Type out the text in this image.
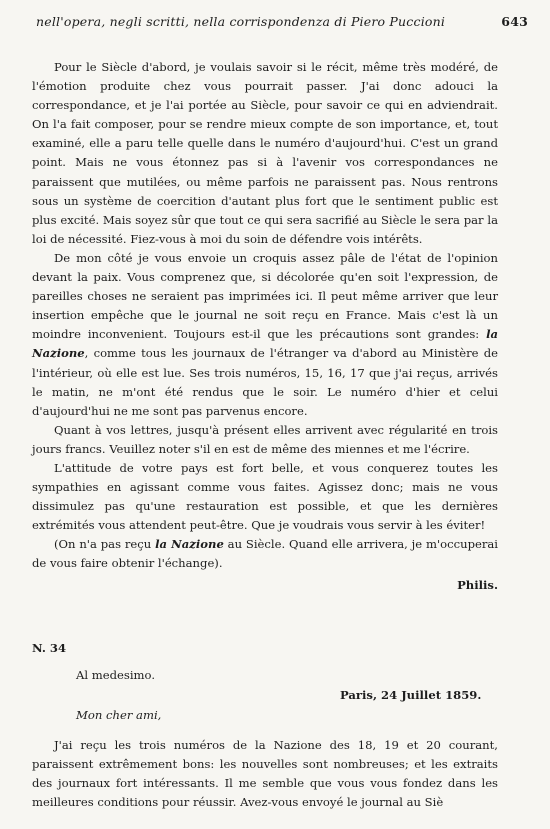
nell'opera, negli scritti, nella corrispondenza di Piero Puccioni	643

Pour le Siècle d'abord, je voulais savoir si le récit, même très modéré, de l'émotion produite chez vous pourrait passer. J'ai donc adouci la correspondance, et je l'ai portée au Siècle, pour savoir ce qui en adviendrait. On l'a fait composer, pour se rendre mieux compte de son importance, et, tout examiné, elle a paru telle quelle dans le numéro d'aujourd'hui. C'est un grand point. Mais ne vous étonnez pas si à l'avenir vos correspondances ne paraissent que mutilées, ou même parfois ne paraissent pas. Nous rentrons sous un système de coercition d'autant plus fort que le sentiment public est plus excité. Mais soyez sûr que tout ce qui sera sacrifié au Siècle le sera par la loi de nécessité. Fiez-vous à moi du soin de défendre vois intérêts.

De mon côté je vous envoie un croquis assez pâle de l'état de l'opinion devant la paix. Vous comprenez que, si décolorée qu'en soit l'expression, de pareilles choses ne seraient pas imprimées ici. Il peut même arriver que leur insertion empêche que le journal ne soit reçu en France. Mais c'est là un moindre inconvenient. Toujours est-il que les précautions sont grandes: la Nazione, comme tous les journaux de l'étranger va d'abord au Ministère de l'intérieur, où elle est lue. Ses trois numéros, 15, 16, 17 que j'ai reçus, arrivés le matin, ne m'ont été rendus que le soir. Le numéro d'hier et celui d'aujourd'hui ne me sont pas parvenus encore.

Quant à vos lettres, jusqu'à présent elles arrivent avec régularité en trois jours francs. Veuillez noter s'il en est de même des miennes et me l'écrire.

L'attitude de votre pays est fort belle, et vous conquerez toutes les sympathies en agissant comme vous faites. Agissez donc; mais ne vous dissimulez pas qu'une restauration est possible, et que les dernières extrémités vous attendent peut-être. Que je voudrais vous servir à les éviter!

(On n'a pas reçu la Nazione au Siècle. Quand elle arrivera, je m'occuperai de vous faire obtenir l'échange).

Philis.
N. 34
Al medesimo.
Paris, 24 Juillet 1859.
Mon cher ami,

J'ai reçu les trois numéros de la Nazione des 18, 19 et 20 courant, paraissent extrêmement bons: les nouvelles sont nombreuses; et les extraits des journaux fort intéressants. Il me semble que vous vous fondez dans les meilleures conditions pour réussir. Avez-vous envoyé le journal au Siè
